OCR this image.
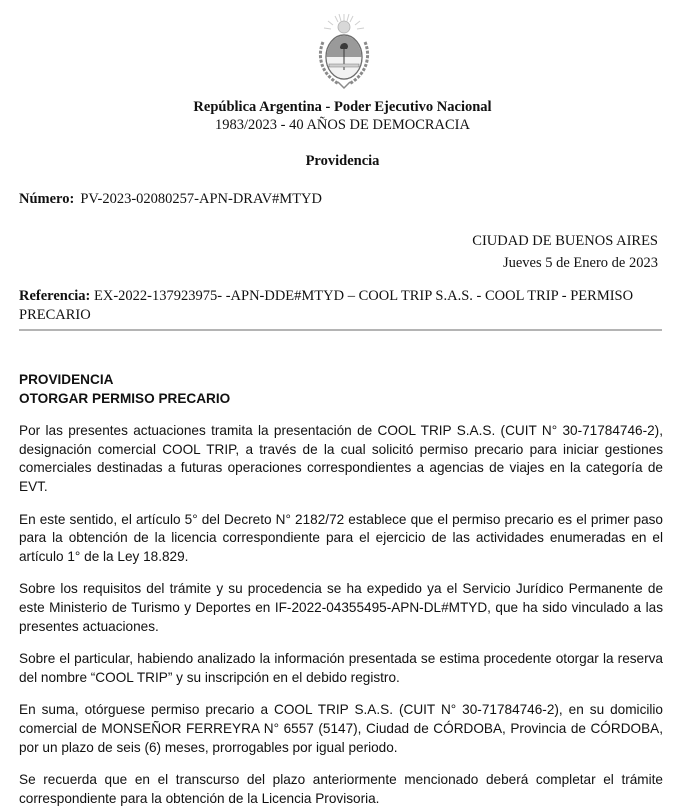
República Argentina - Poder Ejecutivo Nacional
1983/2023 - 40 AÑOS DE DEMOCRACIA
Providencia
Número: PV-2023-02080257-APN-DRAV#MTYD
CIUDAD DE BUENOS AIRES
Jueves 5 de Enero de 2023
Referencia: EX-2022-137923975- -APN-DDE#MTYD – COOL TRIP S.A.S. - COOL TRIP - PERMISO PRECARIO

PROVIDENCIA

OTORGAR PERMISO PRECARIO

Por las presentes actuaciones tramita la presentación de COOL TRIP S.A.S. (CUIT N° 30-71784746-2), designación comercial COOL TRIP, a través de la cual solicitó permiso precario para iniciar gestiones comerciales destinadas a futuras operaciones correspondientes a agencias de viajes en la categoría de EVT.

En este sentido, el artículo 5° del Decreto N° 2182/72 establece que el permiso precario es el primer paso para la obtención de la licencia correspondiente para el ejercicio de las actividades enumeradas en el artículo 1° de la Ley 18.829.

Sobre los requisitos del trámite y su procedencia se ha expedido ya el Servicio Jurídico Permanente de este Ministerio de Turismo y Deportes en IF-2022-04355495-APN-DL#MTYD, que ha sido vinculado a las presentes actuaciones.

Sobre el particular, habiendo analizado la información presentada se estima procedente otorgar la reserva del nombre “COOL TRIP” y su inscripción en el debido registro.

En suma, otórguese permiso precario a COOL TRIP S.A.S. (CUIT N° 30-71784746-2), en su domicilio comercial de MONSEÑOR FERREYRA N° 6557 (5147), Ciudad de CÓRDOBA, Provincia de CÓRDOBA, por un plazo de seis (6) meses, prorrogables por igual periodo.

Se recuerda que en el transcurso del plazo anteriormente mencionado deberá completar el trámite correspondiente para la obtención de la Licencia Provisoria.
